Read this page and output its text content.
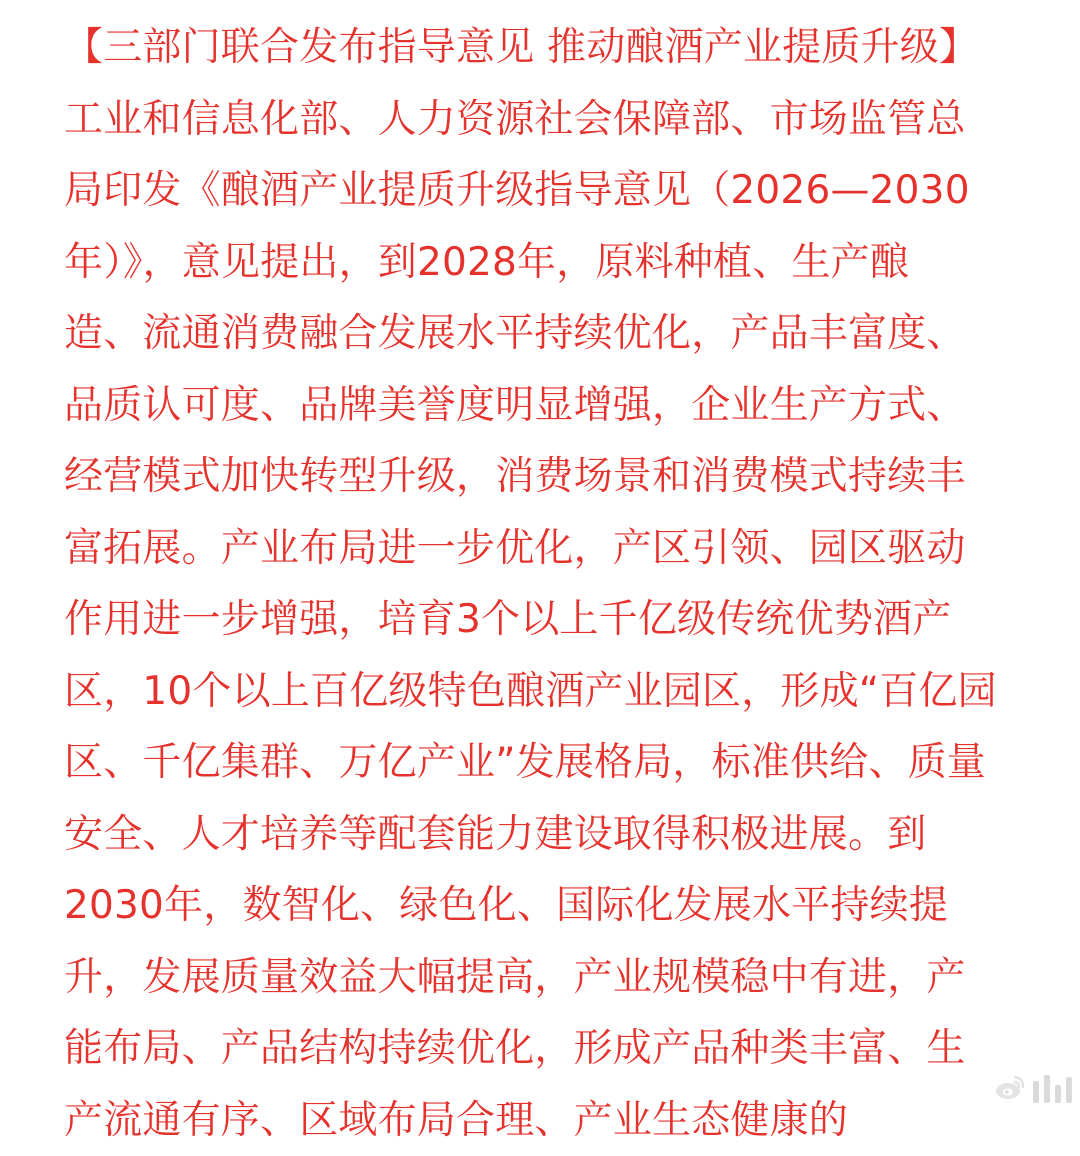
【三部门联合发布指导意见 推动酿酒产业提质升级】
工业和信息化部、人力资源社会保障部、市场监管总
局印发《酿酒产业提质升级指导意见（2026—2030
年）》，意见提出，到2028年，原料种植、生产酿
造、流通消费融合发展水平持续优化，产品丰富度、
品质认可度、品牌美誉度明显增强，企业生产方式、
经营模式加快转型升级，消费场景和消费模式持续丰
富拓展。产业布局进一步优化，产区引领、园区驱动
作用进一步增强，培育3个以上千亿级传统优势酒产
区，10个以上百亿级特色酿酒产业园区，形成“百亿园
区、千亿集群、万亿产业”发展格局，标准供给、质量
安全、人才培养等配套能力建设取得积极进展。到
2030年，数智化、绿色化、国际化发展水平持续提
升，发展质量效益大幅提高，产业规模稳中有进，产
能布局、产品结构持续优化，形成产品种类丰富、生
产流通有序、区域布局合理、产业生态健康的
